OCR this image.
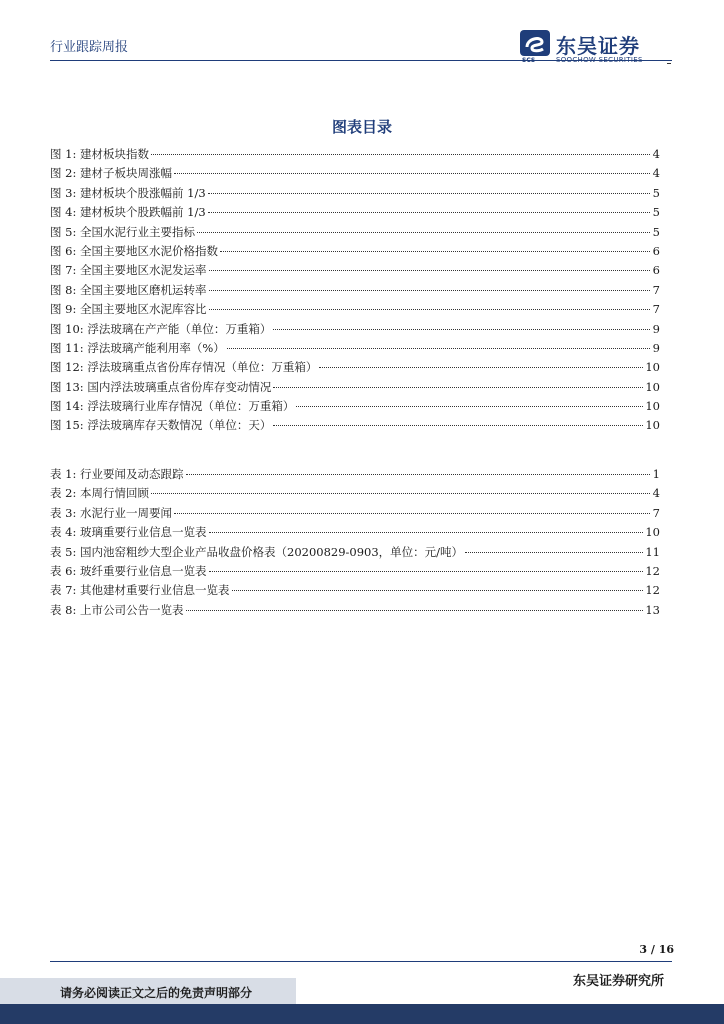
行业跟踪周报
SCS
东吴证券
SOOCHOW SECURITIES
图表目录
图 1: 建材板块指数	4
图 2: 建材子板块周涨幅	4
图 3: 建材板块个股涨幅前 1/3	5
图 4: 建材板块个股跌幅前 1/3	5
图 5: 全国水泥行业主要指标	5
图 6: 全国主要地区水泥价格指数	6
图 7: 全国主要地区水泥发运率	6
图 8: 全国主要地区磨机运转率	7
图 9: 全国主要地区水泥库容比	7
图 10: 浮法玻璃在产产能（单位：万重箱）	9
图 11: 浮法玻璃产能利用率（%）	9
图 12: 浮法玻璃重点省份库存情况（单位：万重箱）	10
图 13: 国内浮法玻璃重点省份库存变动情况	10
图 14: 浮法玻璃行业库存情况（单位：万重箱）	10
图 15: 浮法玻璃库存天数情况（单位：天）	10
表 1: 行业要闻及动态跟踪	1
表 2: 本周行情回顾	4
表 3: 水泥行业一周要闻	7
表 4: 玻璃重要行业信息一览表	10
表 5: 国内池窑粗纱大型企业产品收盘价格表（20200829-0903，单位：元/吨）	11
表 6: 玻纤重要行业信息一览表	12
表 7: 其他建材重要行业信息一览表	12
表 8: 上市公司公告一览表	13
3 / 16
东吴证券研究所
请务必阅读正文之后的免责声明部分
